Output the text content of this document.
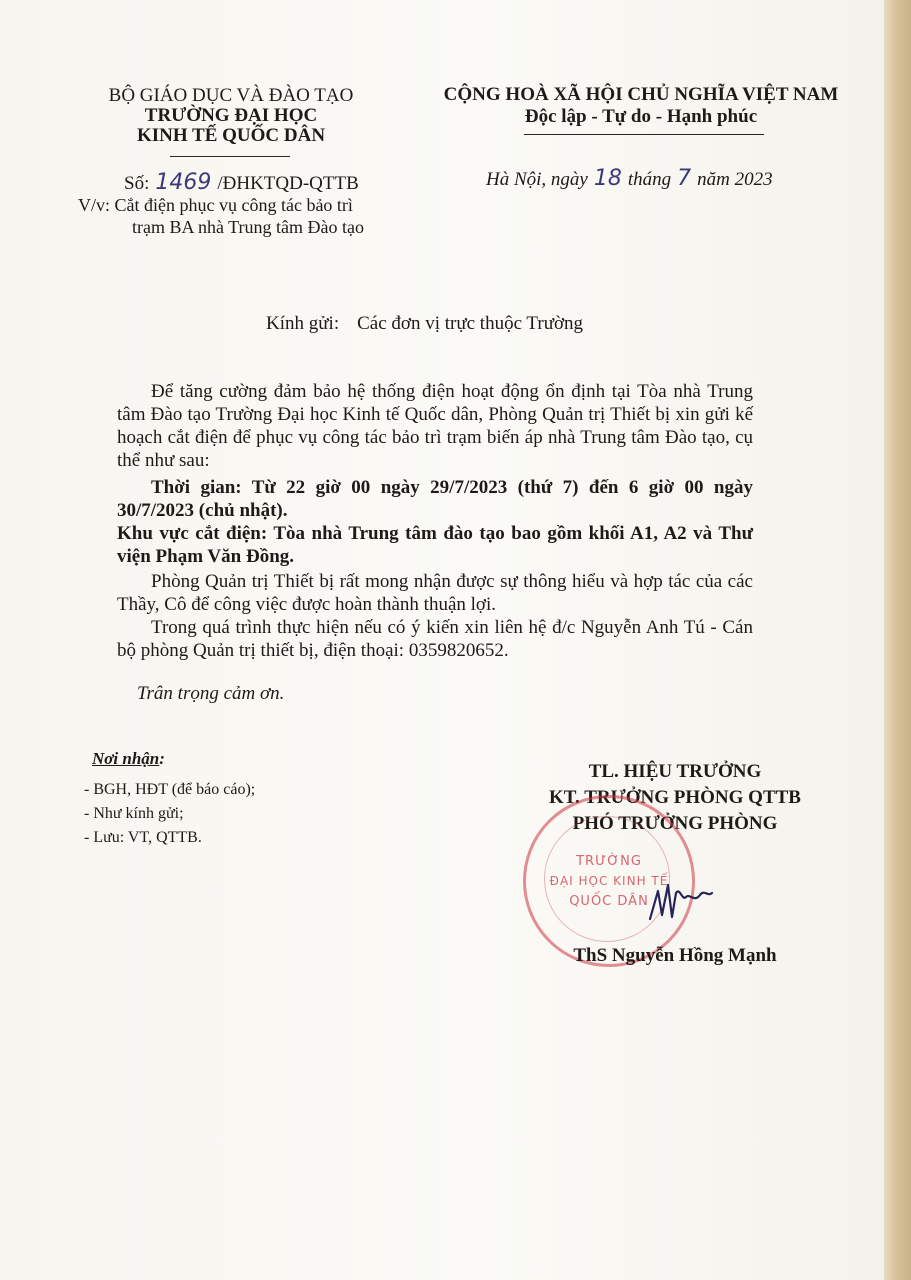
BỘ GIÁO DỤC VÀ ĐÀO TẠO
TRƯỜNG ĐẠI HỌC
KINH TẾ QUỐC DÂN
Số: 1469 /ĐHKTQD-QTTB
V/v: Cắt điện phục vụ công tác bảo trì
trạm BA nhà Trung tâm Đào tạo
CỘNG HOÀ XÃ HỘI CHỦ NGHĨA VIỆT NAM
Độc lập - Tự do - Hạnh phúc
Hà Nội, ngày 18 tháng 7 năm 2023
Kính gửi: Các đơn vị trực thuộc Trường
Để tăng cường đảm bảo hệ thống điện hoạt động ổn định tại Tòa nhà Trung tâm Đào tạo Trường Đại học Kinh tế Quốc dân, Phòng Quản trị Thiết bị xin gửi kế hoạch cắt điện để phục vụ công tác bảo trì trạm biến áp nhà Trung tâm Đào tạo, cụ thể như sau:
Thời gian: Từ 22 giờ 00 ngày 29/7/2023 (thứ 7) đến 6 giờ 00 ngày 30/7/2023 (chủ nhật).
Khu vực cắt điện: Tòa nhà Trung tâm đào tạo bao gồm khối A1, A2 và Thư viện Phạm Văn Đồng.
Phòng Quản trị Thiết bị rất mong nhận được sự thông hiểu và hợp tác của các Thầy, Cô để công việc được hoàn thành thuận lợi.
Trong quá trình thực hiện nếu có ý kiến xin liên hệ đ/c Nguyễn Anh Tú - Cán bộ phòng Quản trị thiết bị, điện thoại: 0359820652.
Trân trọng cảm ơn.
Nơi nhận:
- BGH, HĐT (để báo cáo);
- Như kính gửi;
- Lưu: VT, QTTB.
TL. HIỆU TRƯỞNG
KT. TRƯỞNG PHÒNG QTTB
PHÓ TRƯỞNG PHÒNG
TRƯỜNG
ĐẠI HỌC KINH TẾ
QUỐC DÂN
ThS Nguyễn Hồng Mạnh
